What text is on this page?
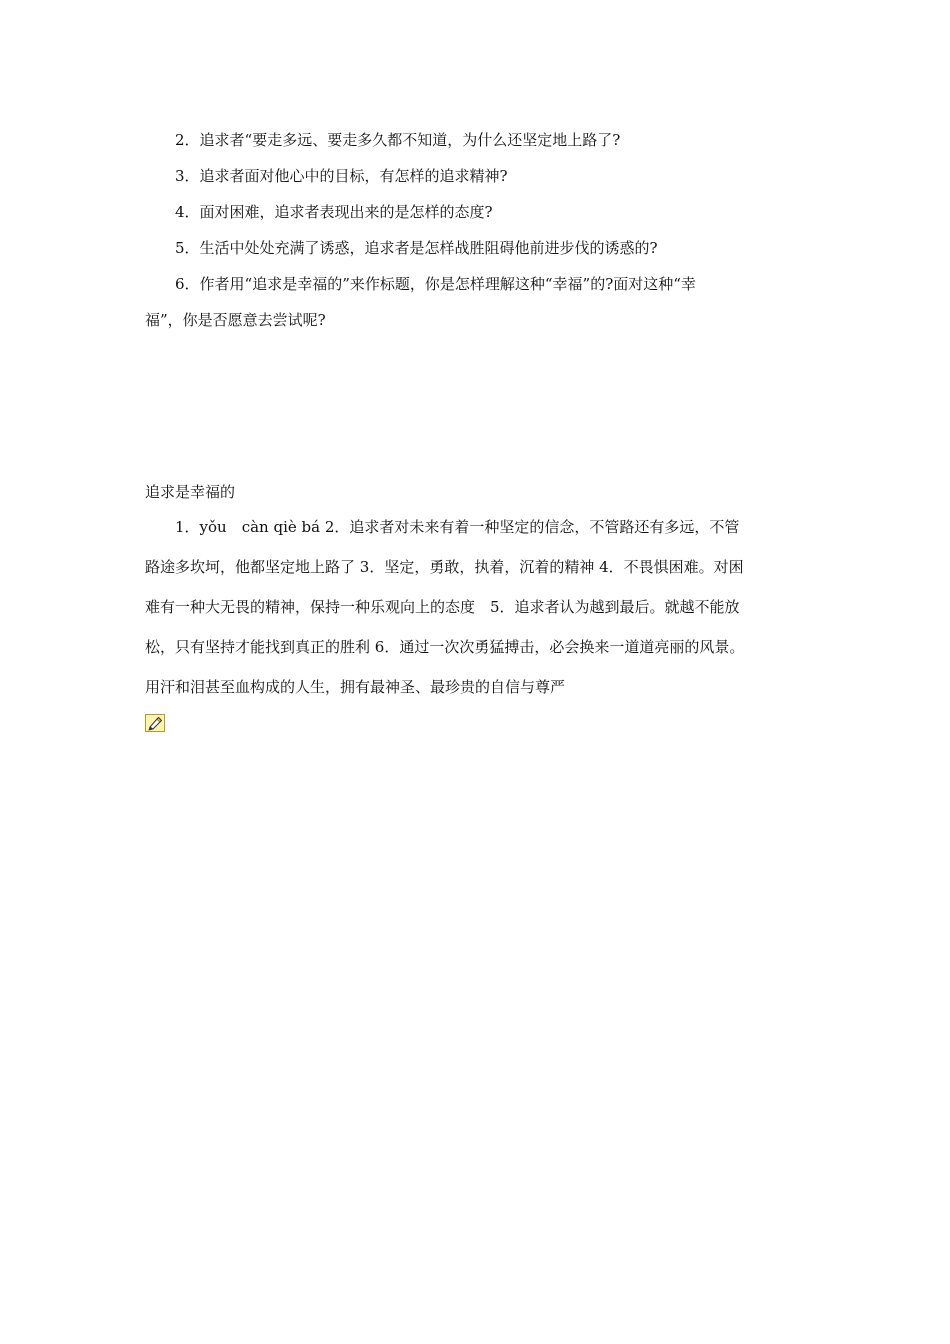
2．追求者“要走多远、要走多久都不知道，为什么还坚定地上路了?

3．追求者面对他心中的目标，有怎样的追求精神?

4．面对困难，追求者表现出来的是怎样的态度?

5．生活中处处充满了诱惑，追求者是怎样战胜阻碍他前进步伐的诱惑的?

6．作者用“追求是幸福的”来作标题，你是怎样理解这种“幸福”的?面对这种“幸

福”，你是否愿意去尝试呢?

追求是幸福的

1．yǒu　càn qiè bá 2．追求者对未来有着一种坚定的信念，不管路还有多远，不管
路途多坎坷，他都坚定地上路了 3．坚定，勇敢，执着，沉着的精神 4．不畏惧困难。对困
难有一种大无畏的精神，保持一种乐观向上的态度　5．追求者认为越到最后。就越不能放
松，只有坚持才能找到真正的胜利 6．通过一次次勇猛搏击，必会换来一道道亮丽的风景。
用汗和泪甚至血构成的人生，拥有最神圣、最珍贵的自信与尊严
